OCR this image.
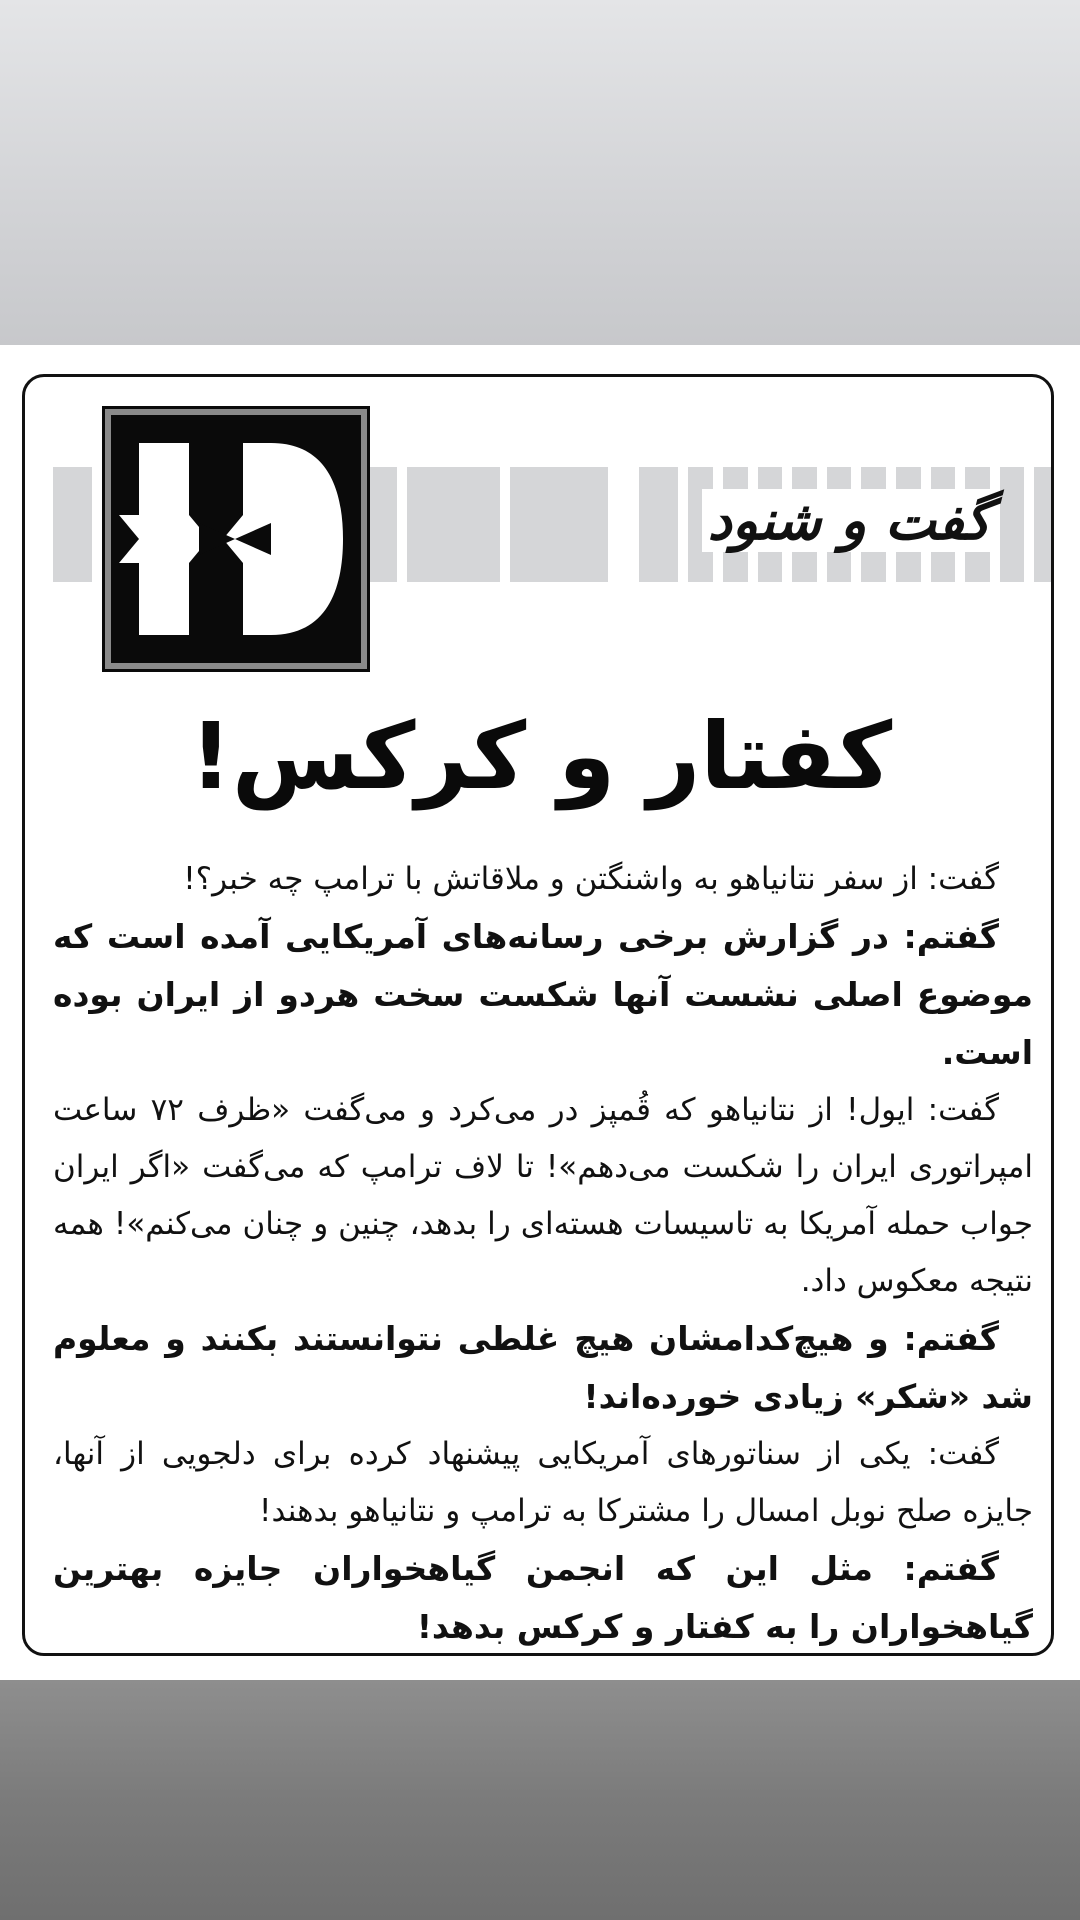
گفت و شنود
کفتار و کرکس!

گفت: از سفر نتانیاهو به واشنگتن و ملاقاتش با ترامپ چه خبر؟!

گفتم: در گزارش برخی رسانه‌های آمریکایی آمده است که موضوع اصلی نشست آنها شکست سخت هردو از ایران بوده است.

گفت: ایول! از نتانیاهو که قُمپز در می‌کرد و می‌گفت «ظرف ۷۲ ساعت امپراتوری ایران را شکست می‌دهم»! تا لاف ترامپ که می‌گفت «اگر ایران جواب حمله آمریکا به تاسیسات هسته‌ای را بدهد، چنین و چنان می‌کنم»! همه نتیجه معکوس داد.

گفتم: و هیچ‌کدامشان هیچ غلطی نتوانستند بکنند و معلوم شد «شکر» زیادی خورده‌اند!

گفت: یکی از سناتورهای آمریکایی پیشنهاد کرده برای دلجویی از آنها، جایزه صلح نوبل امسال را مشترکا به ترامپ و نتانیاهو بدهند!

گفتم: مثل این که انجمن گیاهخواران جایزه بهترین گیاهخواران را به کفتار و کرکس بدهد!
